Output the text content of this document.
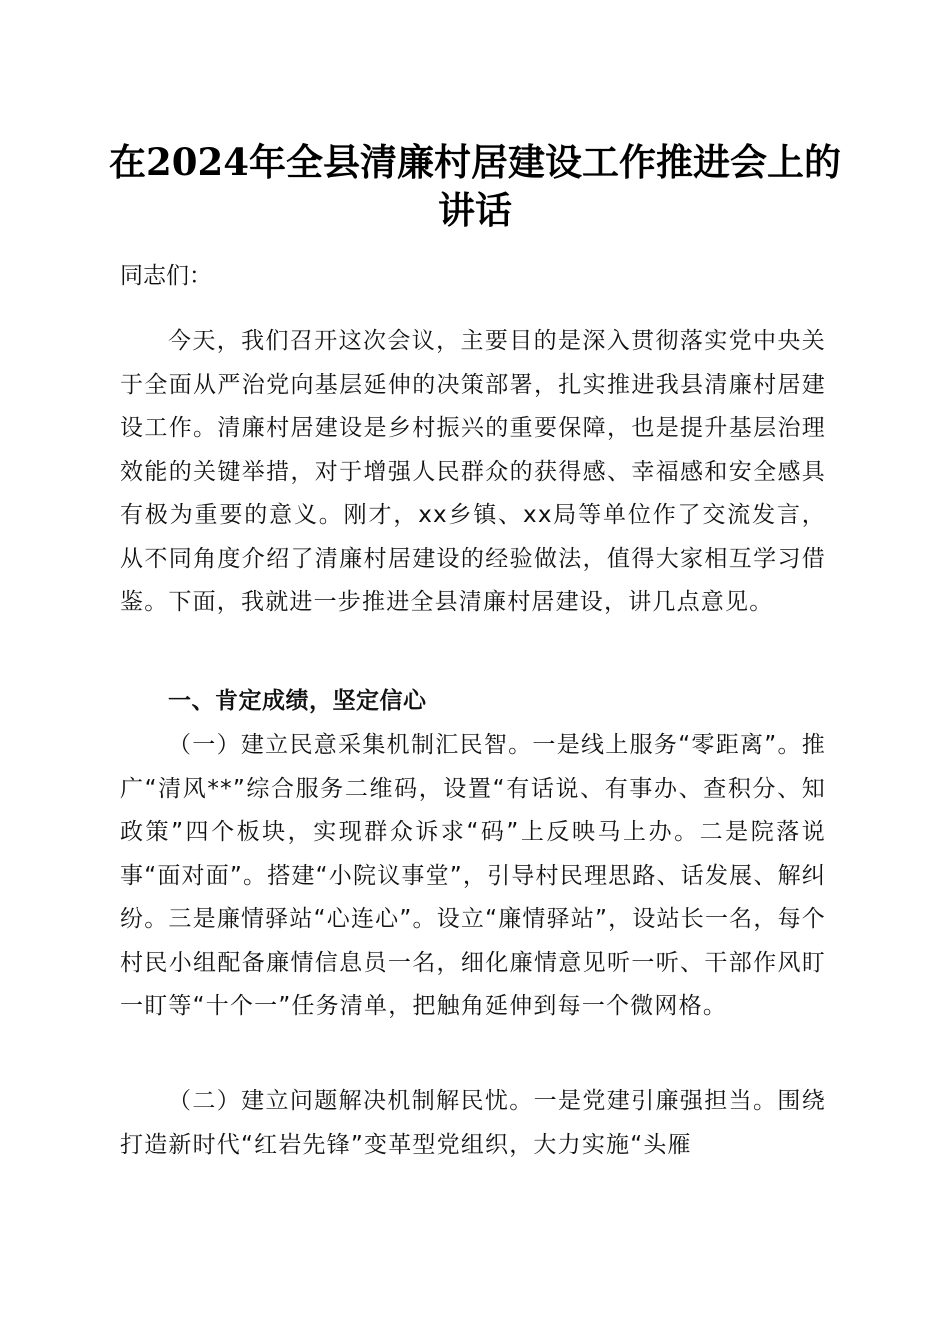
在2024年全县清廉村居建设工作推进会上的
讲话
同志们：

今天，我们召开这次会议，主要目的是深入贯彻落实党中央关于全面从严治党向基层延伸的决策部署，扎实推进我县清廉村居建设工作。清廉村居建设是乡村振兴的重要保障，也是提升基层治理效能的关键举措，对于增强人民群众的获得感、幸福感和安全感具有极为重要的意义。刚才，xx乡镇、xx局等单位作了交流发言，从不同角度介绍了清廉村居建设的经验做法，值得大家相互学习借鉴。下面，我就进一步推进全县清廉村居建设，讲几点意见。

一、肯定成绩，坚定信心

（一）建立民意采集机制汇民智。一是线上服务“零距离”。推广“清风**”综合服务二维码，设置“有话说、有事办、查积分、知政策”四个板块，实现群众诉求“码”上反映马上办。二是院落说事“面对面”。搭建“小院议事堂”，引导村民理思路、话发展、解纠纷。三是廉情驿站“心连心”。设立“廉情驿站”，设站长一名，每个村民小组配备廉情信息员一名，细化廉情意见听一听、干部作风盯一盯等“十个一”任务清单，把触角延伸到每一个微网格。

（二）建立问题解决机制解民忧。一是党建引廉强担当。围绕打造新时代“红岩先锋”变革型党组织，大力实施“头雁
